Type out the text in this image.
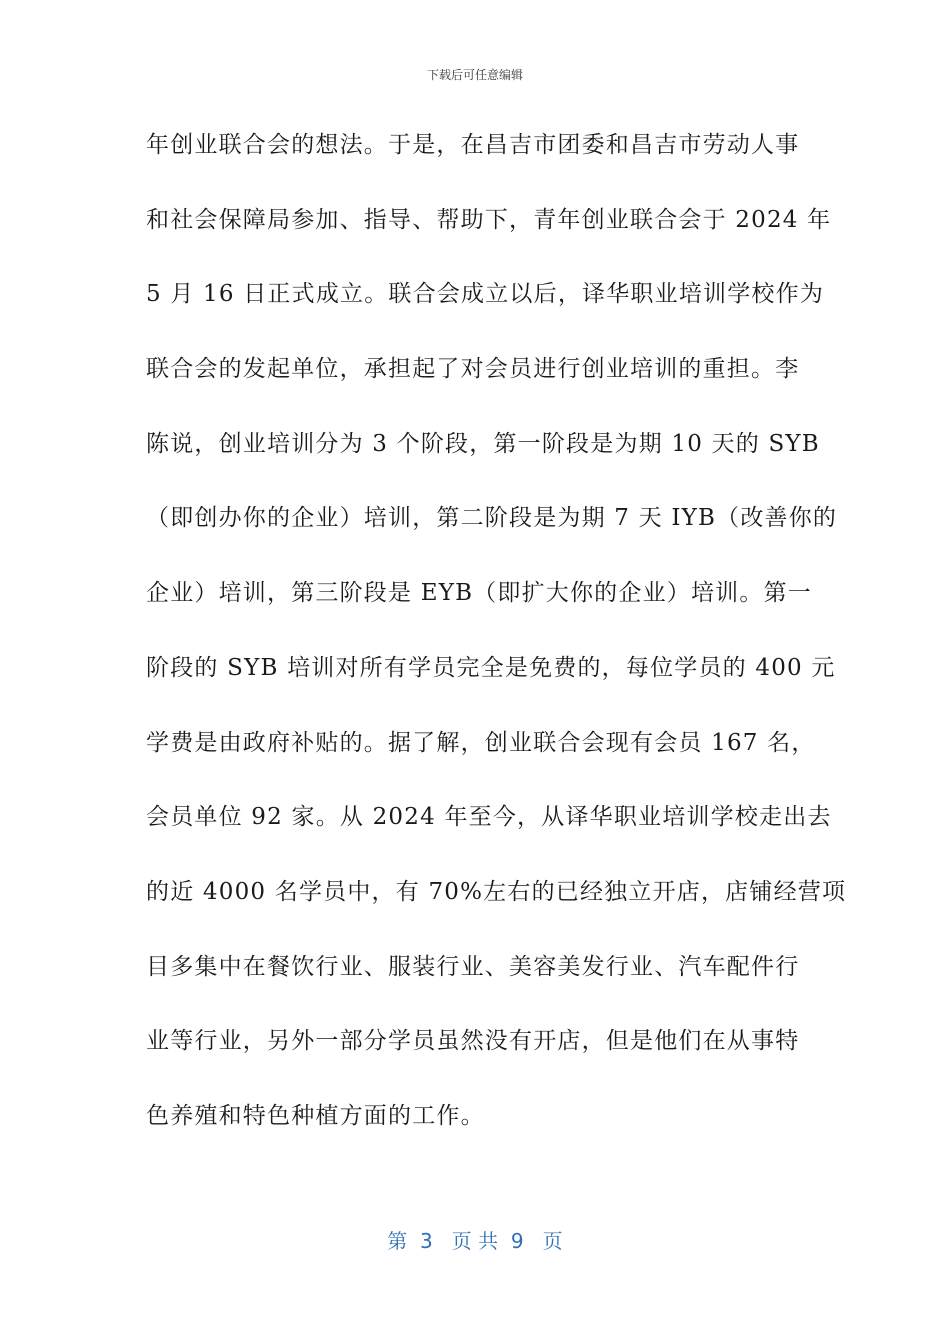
下载后可任意编辑
年创业联合会的想法。于是，在昌吉市团委和昌吉市劳动人事
和社会保障局参加、指导、帮助下，青年创业联合会于 2024 年
5 月 16 日正式成立。联合会成立以后，译华职业培训学校作为
联合会的发起单位，承担起了对会员进行创业培训的重担。李
陈说，创业培训分为 3 个阶段，第一阶段是为期 10 天的 SYB
（即创办你的企业）培训，第二阶段是为期 7 天 IYB（改善你的
企业）培训，第三阶段是 EYB（即扩大你的企业）培训。第一
阶段的 SYB 培训对所有学员完全是免费的，每位学员的 400 元
学费是由政府补贴的。据了解，创业联合会现有会员 167 名，
会员单位 92 家。从 2024 年至今，从译华职业培训学校走出去
的近 4000 名学员中，有 70%左右的已经独立开店，店铺经营项
目多集中在餐饮行业、服装行业、美容美发行业、汽车配件行
业等行业，另外一部分学员虽然没有开店，但是他们在从事特
色养殖和特色种植方面的工作。
第  3   页 共  9   页
